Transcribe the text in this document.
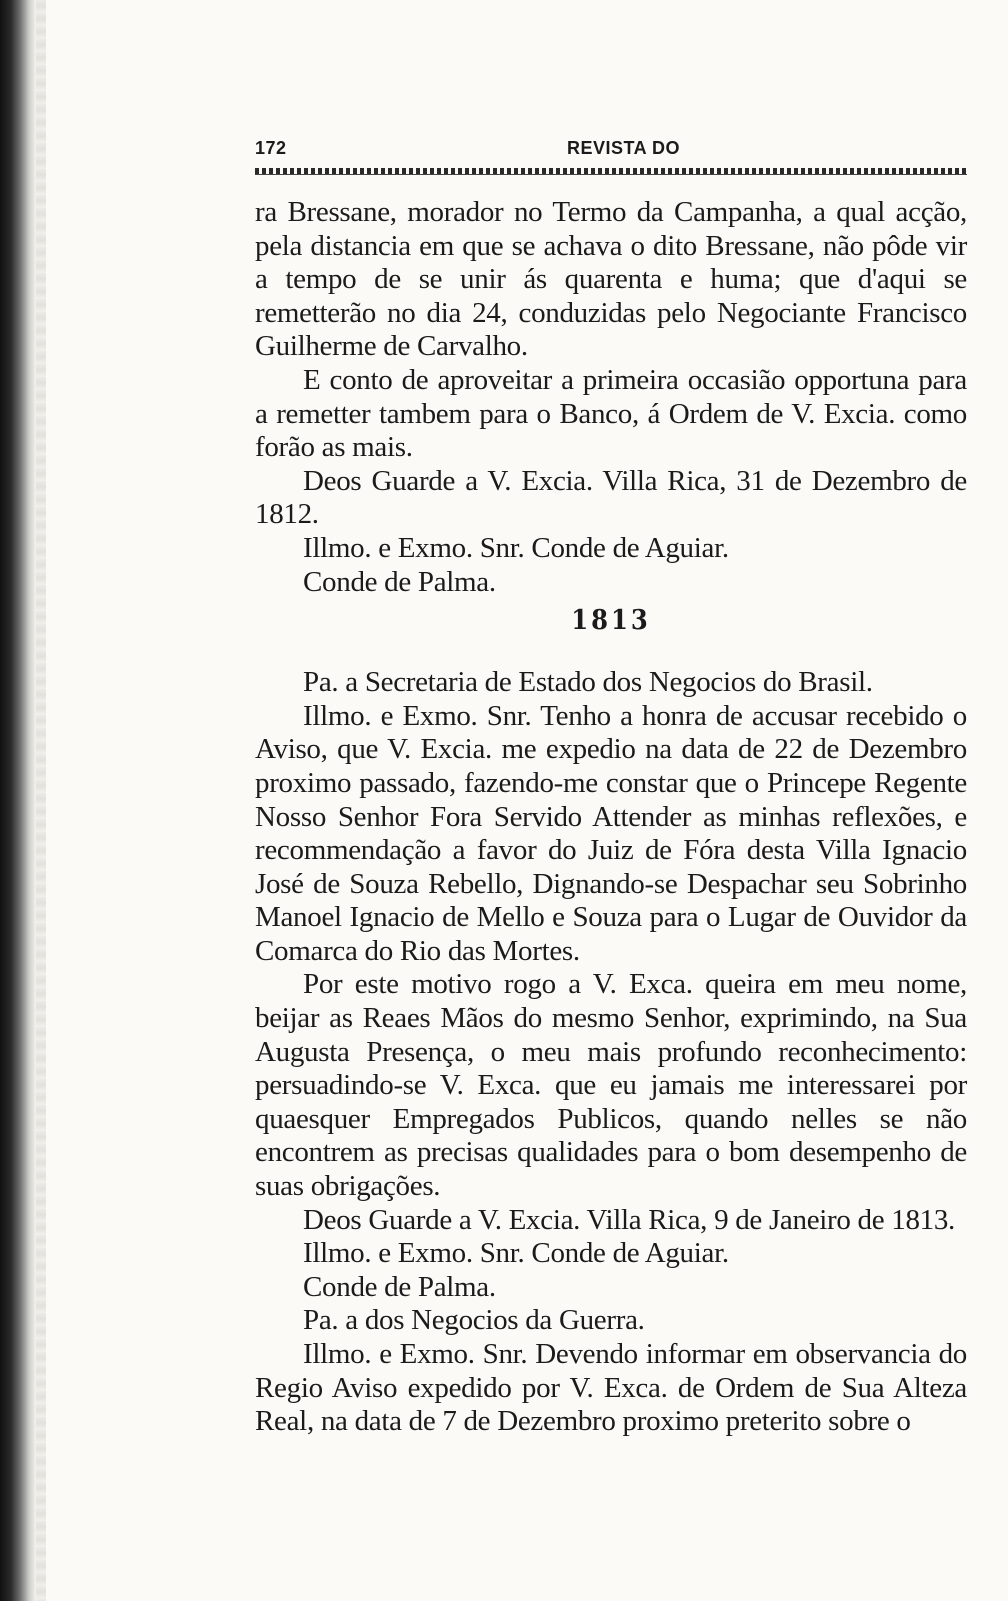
172	REVISTA DO

ra Bressane, morador no Termo da Campanha, a qual acção, pela distancia em que se achava o dito Bressane, não pôde vir a tempo de se unir ás quarenta e huma; que d'aqui se remetterão no dia 24, conduzidas pelo Negociante Francisco Guilherme de Carvalho.

E conto de aproveitar a primeira occasião opportuna para a remetter tambem para o Banco, á Ordem de V. Excia. como forão as mais.

Deos Guarde a V. Excia. Villa Rica, 31 de Dezembro de 1812.

Illmo. e Exmo. Snr. Conde de Aguiar.

Conde de Palma.

1813

Pa. a Secretaria de Estado dos Negocios do Brasil.

Illmo. e Exmo. Snr. Tenho a honra de accusar recebido o Aviso, que V. Excia. me expedio na data de 22 de Dezembro proximo passado, fazendo-me constar que o Princepe Regente Nosso Senhor Fora Servido Attender as minhas reflexões, e recommendação a favor do Juiz de Fóra desta Villa Ignacio José de Souza Rebello, Dignando-se Despachar seu Sobrinho Manoel Ignacio de Mello e Souza para o Lugar de Ouvidor da Comarca do Rio das Mortes.

Por este motivo rogo a V. Exca. queira em meu nome, beijar as Reaes Mãos do mesmo Senhor, exprimindo, na Sua Augusta Presença, o meu mais profundo reconhecimento: persuadindo-se V. Exca. que eu jamais me interessarei por quaesquer Empregados Publicos, quando nelles se não encontrem as precisas qualidades para o bom desempenho de suas obrigações.

Deos Guarde a V. Excia. Villa Rica, 9 de Janeiro de 1813.

Illmo. e Exmo. Snr. Conde de Aguiar.

Conde de Palma.

Pa. a dos Negocios da Guerra.

Illmo. e Exmo. Snr. Devendo informar em observancia do Regio Aviso expedido por V. Exca. de Ordem de Sua Alteza Real, na data de 7 de Dezembro proximo preterito sobre o
